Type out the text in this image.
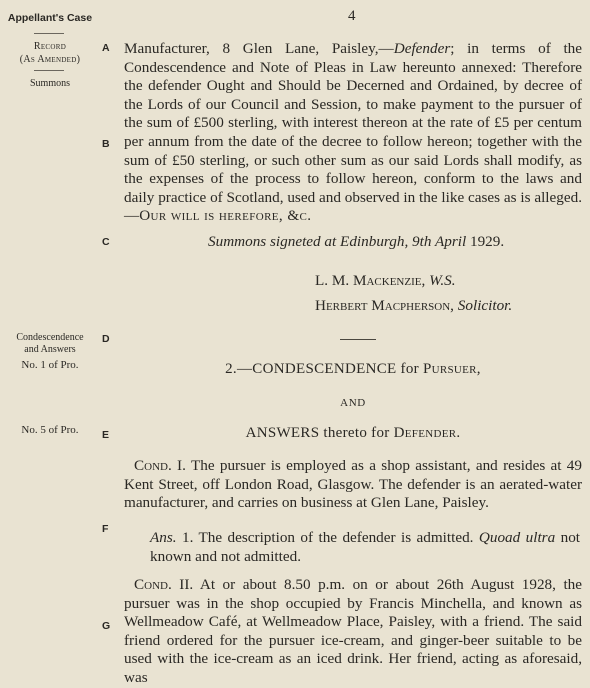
Appellant's Case
Record
(As Amended)
Summons
Condescendence
and Answers
No. 1 of Pro.
No. 5 of Pro.
4
A
B
C
D
E
F
G
Manufacturer, 8 Glen Lane, Paisley,—Defender; in terms of the Condescendence and Note of Pleas in Law hereunto annexed: Therefore the defender Ought and Should be Decerned and Ordained, by decree of the Lords of our Council and Session, to make payment to the pursuer of the sum of £500 sterling, with interest thereon at the rate of £5 per centum per annum from the date of the decree to follow hereon; together with the sum of £50 sterling, or such other sum as our said Lords shall modify, as the expenses of the process to follow hereon, conform to the laws and daily practice of Scotland, used and observed in the like cases as is alleged.—Our will is herefore, &c.
Summons signeted at Edinburgh, 9th April 1929.
L. M. Mackenzie, W.S.
Herbert Macpherson, Solicitor.
2.—CONDESCENDENCE for Pursuer,
AND
ANSWERS thereto for Defender.
Cond. I. The pursuer is employed as a shop assistant, and resides at 49 Kent Street, off London Road, Glasgow. The defender is an aerated-water manufacturer, and carries on business at Glen Lane, Paisley.
Ans. 1. The description of the defender is admitted. Quoad ultra not known and not admitted.
Cond. II. At or about 8.50 p.m. on or about 26th August 1928, the pursuer was in the shop occupied by Francis Minchella, and known as Wellmeadow Café, at Wellmeadow Place, Paisley, with a friend. The said friend ordered for the pursuer ice-cream, and ginger-beer suitable to be used with the ice-cream as an iced drink. Her friend, acting as aforesaid, was
